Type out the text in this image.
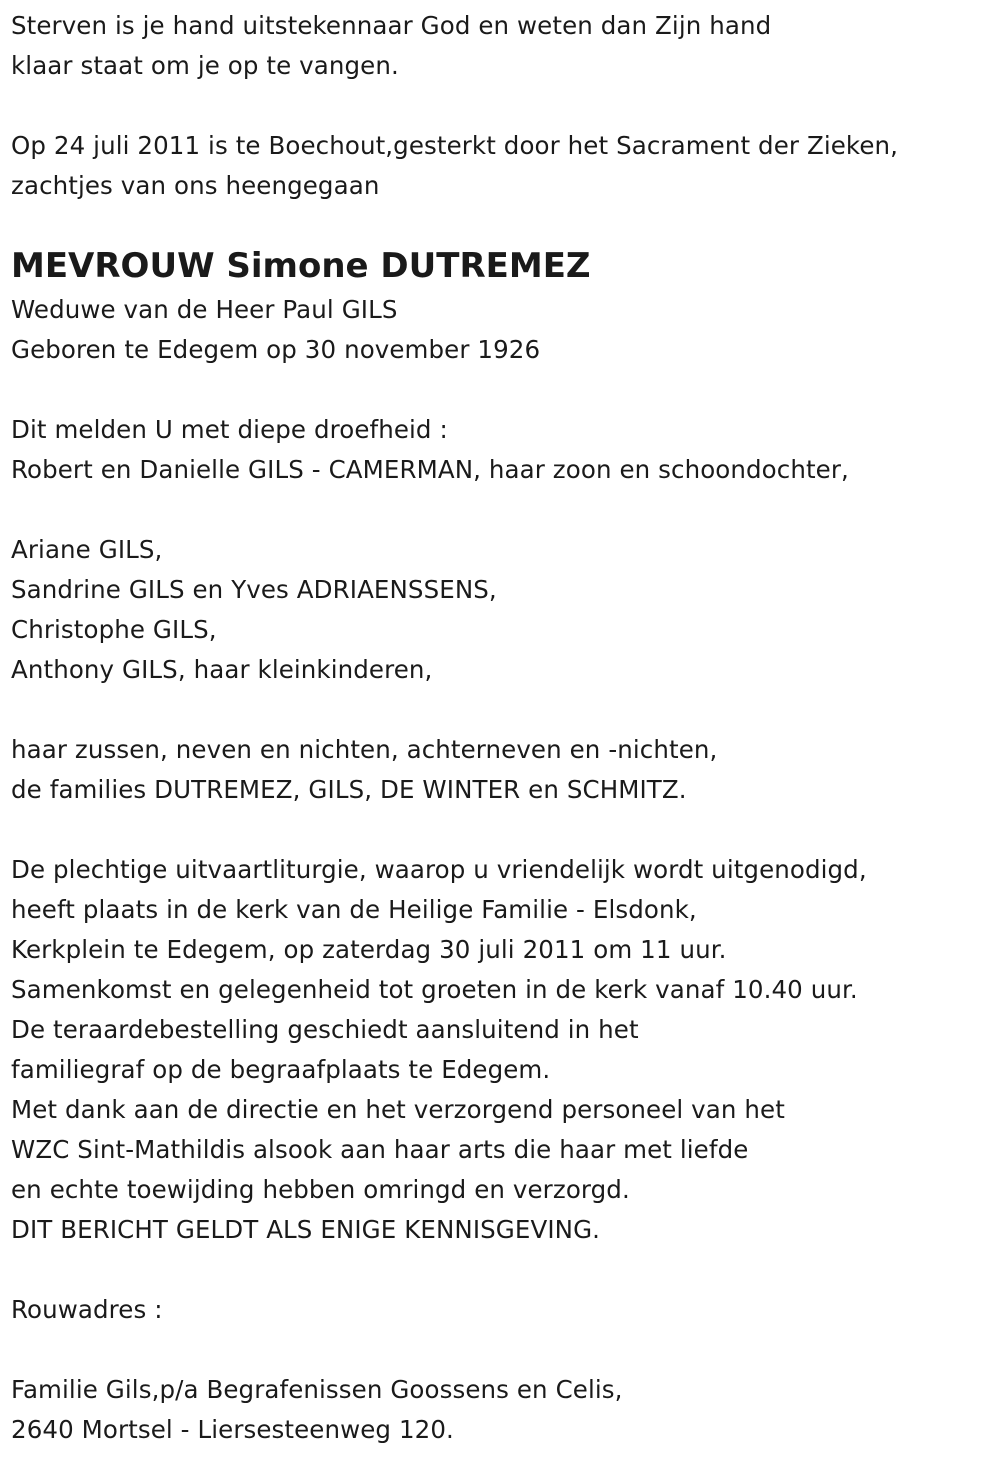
Sterven is je hand uitstekennaar God en weten dan Zijn hand
klaar staat om je op te vangen.
Op 24 juli 2011 is te Boechout,gesterkt door het Sacrament der Zieken,
zachtjes van ons heengegaan
MEVROUW Simone DUTREMEZ
Weduwe van de Heer Paul GILS
Geboren te Edegem op 30 november 1926
Dit melden U met diepe droefheid :
Robert en Danielle GILS - CAMERMAN, haar zoon en schoondochter,
Ariane GILS,
Sandrine GILS en Yves ADRIAENSSENS,
Christophe GILS,
Anthony GILS, haar kleinkinderen,
haar zussen, neven en nichten, achterneven en -nichten,
de families DUTREMEZ, GILS, DE WINTER en SCHMITZ.
De plechtige uitvaartliturgie, waarop u vriendelijk wordt uitgenodigd,
heeft plaats in de kerk van de Heilige Familie - Elsdonk,
Kerkplein te Edegem, op zaterdag 30 juli 2011 om 11 uur.
Samenkomst en gelegenheid tot groeten in de kerk vanaf 10.40 uur.
De teraardebestelling geschiedt aansluitend in het
familiegraf op de begraafplaats te Edegem.
Met dank aan de directie en het verzorgend personeel van het
WZC Sint-Mathildis alsook aan haar arts die haar met liefde
en echte toewijding hebben omringd en verzorgd.
DIT BERICHT GELDT ALS ENIGE KENNISGEVING.
Rouwadres :
Familie Gils,p/a Begrafenissen Goossens en Celis,
2640 Mortsel - Liersesteenweg 120.
